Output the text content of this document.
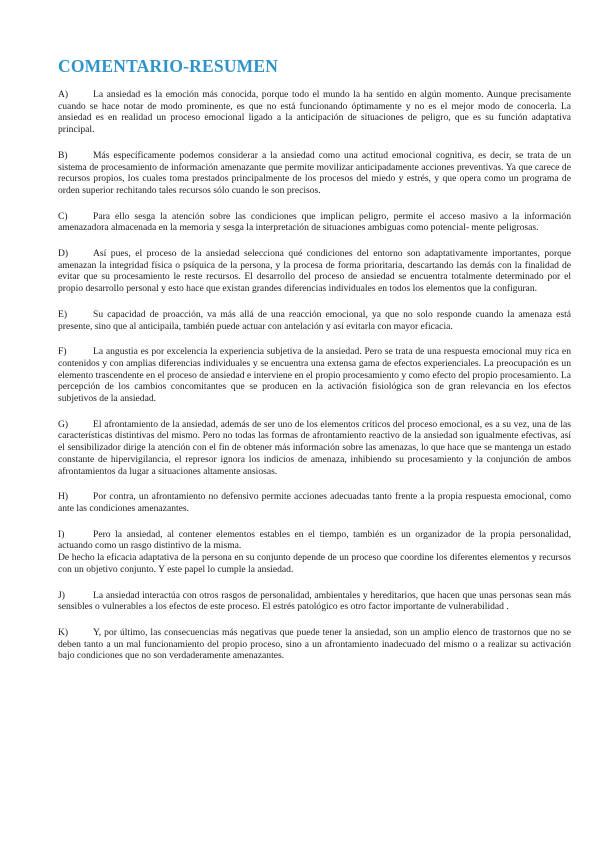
COMENTARIO-RESUMEN

A)	La ansiedad es la emoción más conocida, porque todo el mundo la ha sentido en algún momento. Aunque precisamente cuando se hace notar de modo prominente, es que no está funcionando óptimamente y no es el mejor modo de conocerla. La ansiedad es en realidad un proceso emocional ligado a la anticipación de situaciones de peligro, que es su función adaptativa principal.

B)	Más específicamente podemos considerar a la ansiedad como una actitud emocional cognitiva, es decir, se trata de un sistema de procesamiento de información amenazante que permite movilizar anticipadamente acciones preventivas. Ya que carece de recursos propios, los cuales toma prestados principalmente de los procesos del miedo y estrés, y que opera como un programa de orden superior rechitando tales recursos sólo cuando le son precisos.

C)	Para ello sesga la atención sobre las condiciones que implican peligro, permite el acceso masivo a la información amenazadora almacenada en la memoria y sesga la interpretación de situaciones ambiguas como potencial- mente peligrosas.

D)	Así pues, el proceso de la ansiedad selecciona qué condiciones del entorno son adaptativamente importantes, porque amenazan la integridad física o psíquica de la persona, y la procesa de forma prioritaria, descartando las demás con la finalidad de evitar que su procesamiento le reste recursos. El desarrollo del proceso de ansiedad se encuentra totalmente determinado por el propio desarrollo personal y esto hace que existan grandes diferencias individuales en todos los elementos que la configuran.

E)	Su capacidad de proacción, va más allá de una reacción emocional, ya que no solo responde cuando la amenaza está presente, sino que al anticipaila, también puede actuar con antelación y así evitarla con mayor eficacia.

F)	La angustia es por excelencia la experiencia subjetiva de la ansiedad. Pero se trata de una respuesta emocional muy rica en contenidos y con amplias diferencias individuales y se encuentra una extensa gama de efectos experienciales. La preocupación es un elemento trascendente en el proceso de ansiedad e interviene en el propio procesamiento y como efecto del propio procesamiento. La percepción de los cambios concomitantes que se producen en la activación fisiológica son de gran relevancia en los efectos subjetivos de la ansiedad.

G)	El afrontamiento de la ansiedad, además de ser uno de los elementos críticos del proceso emocional, es a su vez, una de las características distintivas del mismo. Pero no todas las formas de afrontamiento reactivo de la ansiedad son igualmente efectivas, así el sensibilizador dirige la atención con el fin de obtener más información sobre las amenazas, lo que hace que se mantenga un estado constante de hipervigilancia, el represor ignora los indicios de amenaza, inhibiendo su procesamiento y la conjunción de ambos afrontamientos da lugar a situaciones altamente ansiosas.

H)	Por contra, un afrontamiento no defensivo permite acciones adecuadas tanto frente a la propia respuesta emocional, como ante las condiciones amenazantes.

I)	Pero la ansiedad, al contener elementos estables en el tiempo, también es un organizador de la propia personalidad, actuando como un rasgo distintivo de la misma.
De hecho la eficacia adaptativa de la persona en su conjunto depende de un proceso que coordine los diferentes elementos y recursos con un objetivo conjunto. Y este papel lo cumple la ansiedad.

J)	La ansiedad interactúa con otros rasgos de personalidad, ambientales y hereditarios, que hacen que unas personas sean más sensibles o vulnerables a los efectos de este proceso. El estrés patológico es otro factor importante de vulnerabilidad .

K)	Y, por último, las consecuencias más negativas que puede tener la ansiedad, son un amplio elenco de trastornos que no se deben tanto a un mal funcionamiento del propio proceso, sino a un afrontamiento inadecuado del mismo o a realizar su activación bajo condiciones que no son verdaderamente amenazantes.
